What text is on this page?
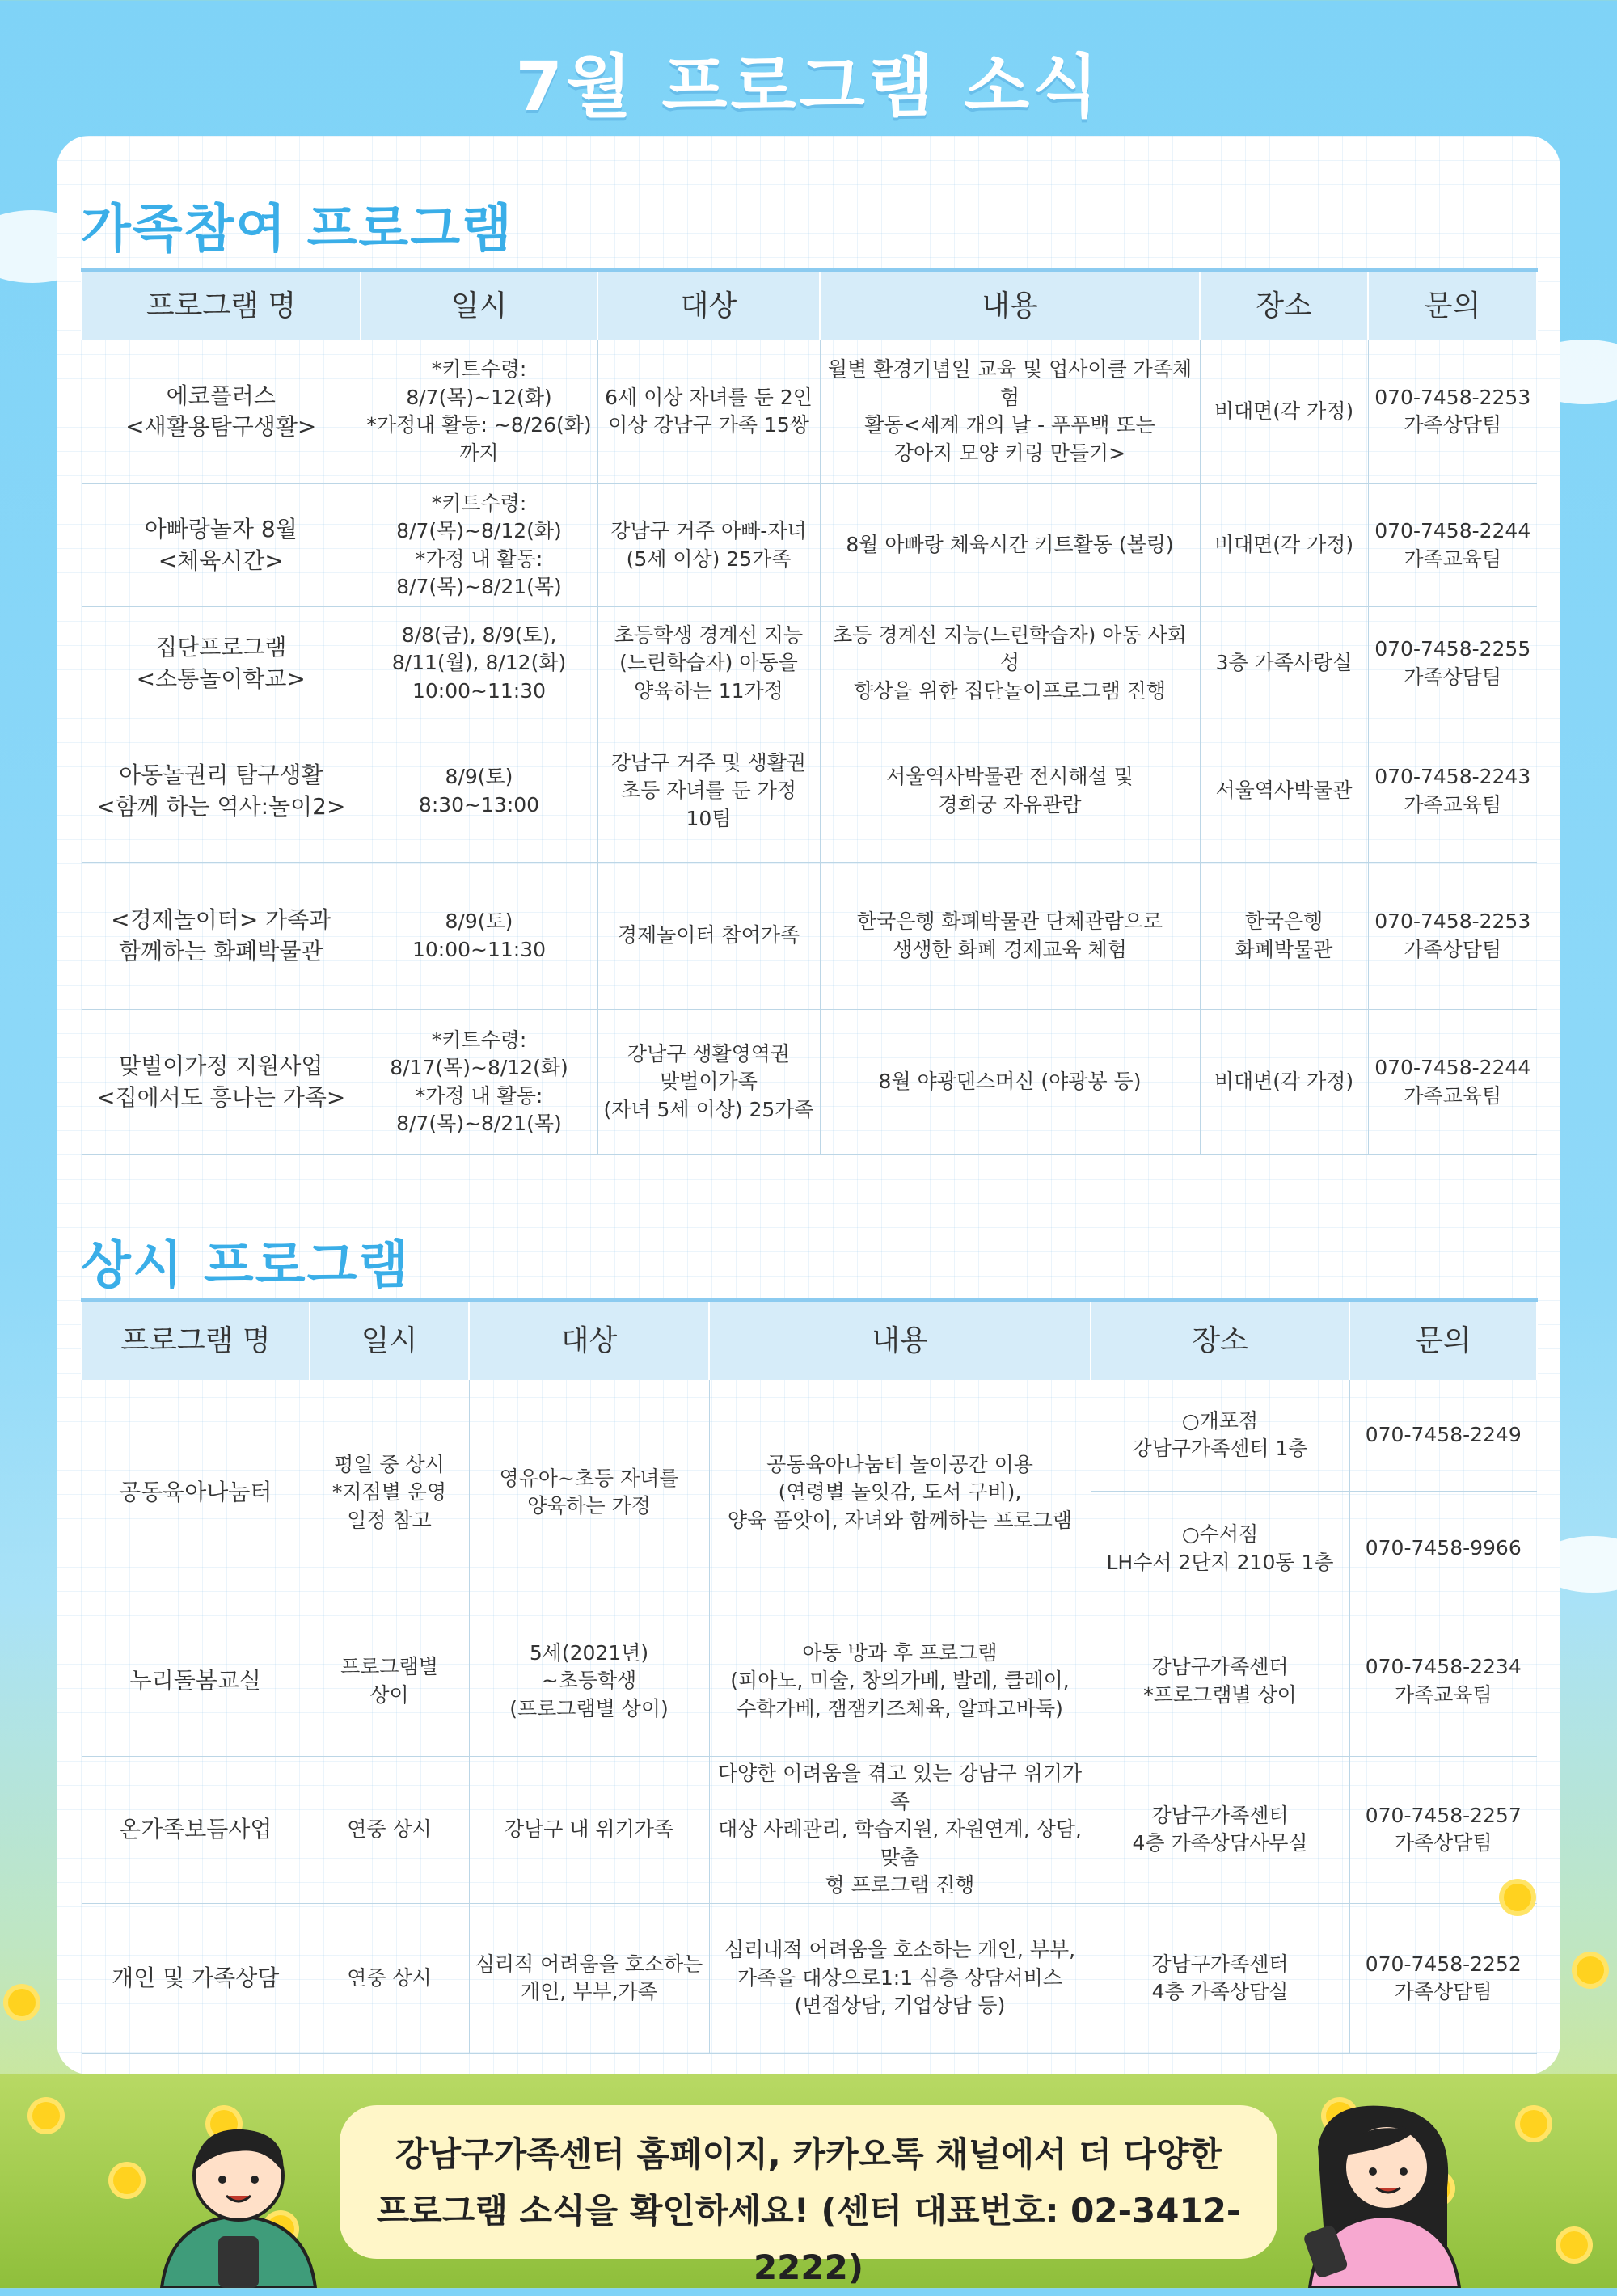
7월 프로그램 소식
가족참여 프로그램
프로그램 명	일시	대상	내용	장소	문의
에코플러스
<새활용탐구생활>	*키트수령:
8/7(목)~12(화)
*가정내 활동: ~8/26(화)
까지	6세 이상 자녀를 둔 2인
이상 강남구 가족 15쌍	월별 환경기념일 교육 및 업사이클 가족체험
활동<세계 개의 날 - 푸푸백 또는
강아지 모양 키링 만들기>	비대면(각 가정)	070-7458-2253
가족상담팀
아빠랑놀자 8월
<체육시간>	*키트수령:
8/7(목)~8/12(화)
*가정 내 활동:
8/7(목)~8/21(목)	강남구 거주 아빠-자녀
(5세 이상) 25가족	8월 아빠랑 체육시간 키트활동 (볼링)	비대면(각 가정)	070-7458-2244
가족교육팀
집단프로그램
<소통놀이학교>	8/8(금), 8/9(토),
8/11(월), 8/12(화)
10:00~11:30	초등학생 경계선 지능
(느린학습자) 아동을
양육하는 11가정	초등 경계선 지능(느린학습자) 아동 사회성
향상을 위한 집단놀이프로그램 진행	3층 가족사랑실	070-7458-2255
가족상담팀
아동놀권리 탐구생활
<함께 하는 역사:놀이2>	8/9(토)
8:30~13:00	강남구 거주 및 생활권
초등 자녀를 둔 가정
10팀	서울역사박물관 전시해설 및
경희궁 자유관람	서울역사박물관	070-7458-2243
가족교육팀
<경제놀이터> 가족과
함께하는 화폐박물관	8/9(토)
10:00~11:30	경제놀이터 참여가족	한국은행 화폐박물관 단체관람으로
생생한 화폐 경제교육 체험	한국은행
화폐박물관	070-7458-2253
가족상담팀
맞벌이가정 지원사업
<집에서도 흥나는 가족>	*키트수령:
8/17(목)~8/12(화)
*가정 내 활동:
8/7(목)~8/21(목)	강남구 생활영역권
맞벌이가족
(자녀 5세 이상) 25가족	8월 야광댄스머신 (야광봉 등)	비대면(각 가정)	070-7458-2244
가족교육팀
상시 프로그램
프로그램 명	일시	대상	내용	장소	문의
공동육아나눔터	평일 중 상시
*지점별 운영
일정 참고	영유아~초등 자녀를
양육하는 가정	공동육아나눔터 놀이공간 이용
(연령별 놀잇감, 도서 구비),
양육 품앗이, 자녀와 함께하는 프로그램	○개포점
강남구가족센터 1층	070-7458-2249
				○수서점
LH수서 2단지 210동 1층	070-7458-9966
누리돌봄교실	프로그램별
상이	5세(2021년)
~초등학생
(프로그램별 상이)	아동 방과 후 프로그램
(피아노, 미술, 창의가베, 발레, 클레이,
수학가베, 잼잼키즈체육, 알파고바둑)	강남구가족센터
*프로그램별 상이	070-7458-2234
가족교육팀
온가족보듬사업	연중 상시	강남구 내 위기가족	다양한 어려움을 겪고 있는 강남구 위기가족
대상 사례관리, 학습지원, 자원연계, 상담,맞춤
형 프로그램 진행	강남구가족센터
4층 가족상담사무실	070-7458-2257
가족상담팀
개인 및 가족상담	연중 상시	심리적 어려움을 호소하는
개인, 부부,가족	심리내적 어려움을 호소하는 개인, 부부,
가족을 대상으로1:1 심층 상담서비스
(면접상담, 기업상담 등)	강남구가족센터
4층 가족상담실	070-7458-2252
가족상담팀
강남구가족센터 홈페이지, 카카오톡 채널에서 더 다양한
프로그램 소식을 확인하세요! (센터 대표번호: 02-3412-2222)
